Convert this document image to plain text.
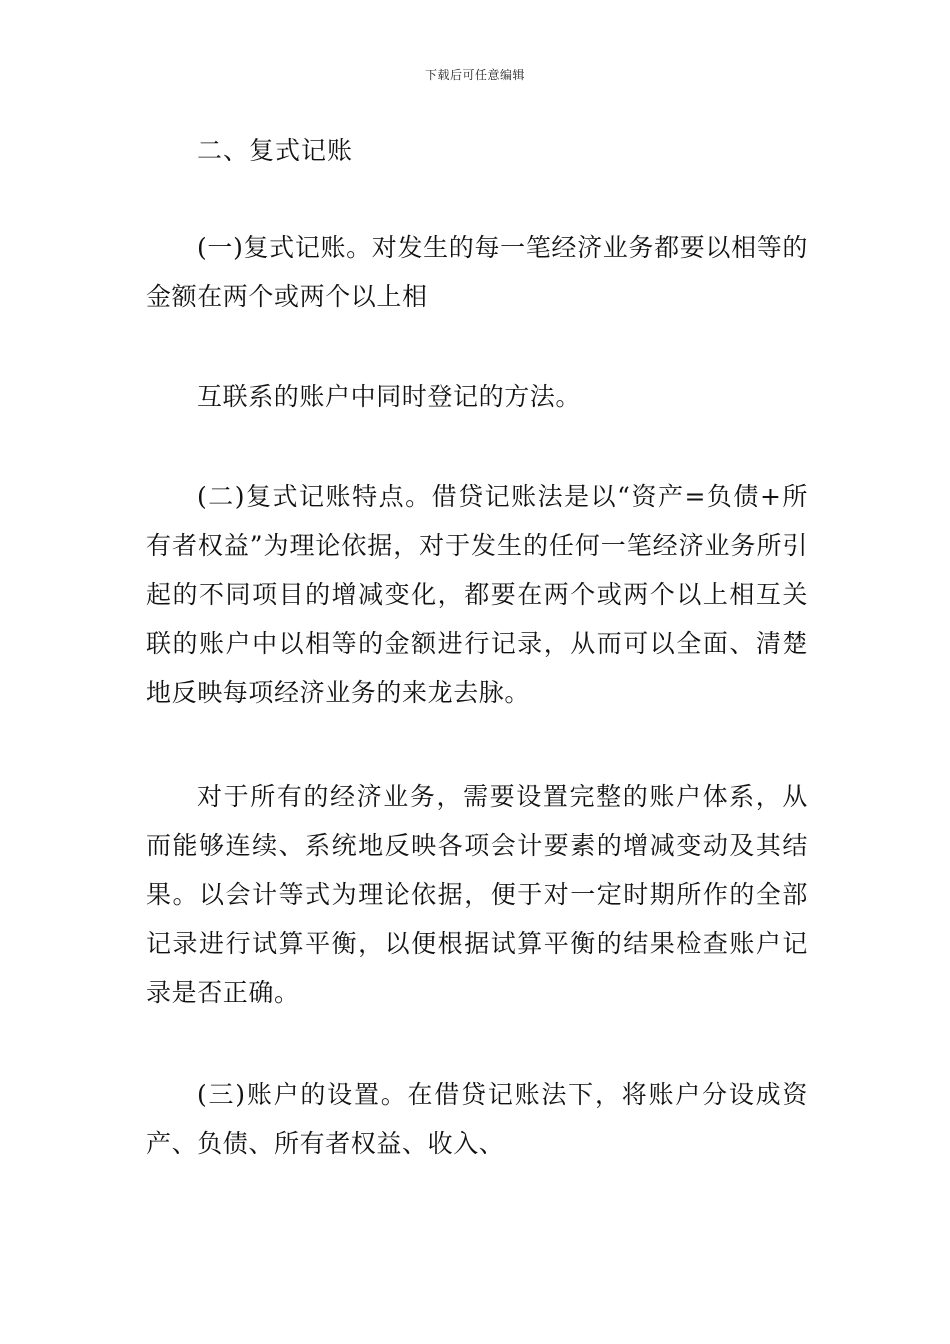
下载后可任意编辑
二、复式记账

(一)复式记账。对发生的每一笔经济业务都要以相等的金额在两个或两个以上相

互联系的账户中同时登记的方法。

(二)复式记账特点。借贷记账法是以“资产=负债+所有者权益”为理论依据，对于发生的任何一笔经济业务所引起的不同项目的增减变化，都要在两个或两个以上相互关联的账户中以相等的金额进行记录，从而可以全面、清楚地反映每项经济业务的来龙去脉。

对于所有的经济业务，需要设置完整的账户体系，从而能够连续、系统地反映各项会计要素的增减变动及其结果。以会计等式为理论依据，便于对一定时期所作的全部记录进行试算平衡，以便根据试算平衡的结果检查账户记录是否正确。

(三)账户的设置。在借贷记账法下，将账户分设成资产、负债、所有者权益、收入、
